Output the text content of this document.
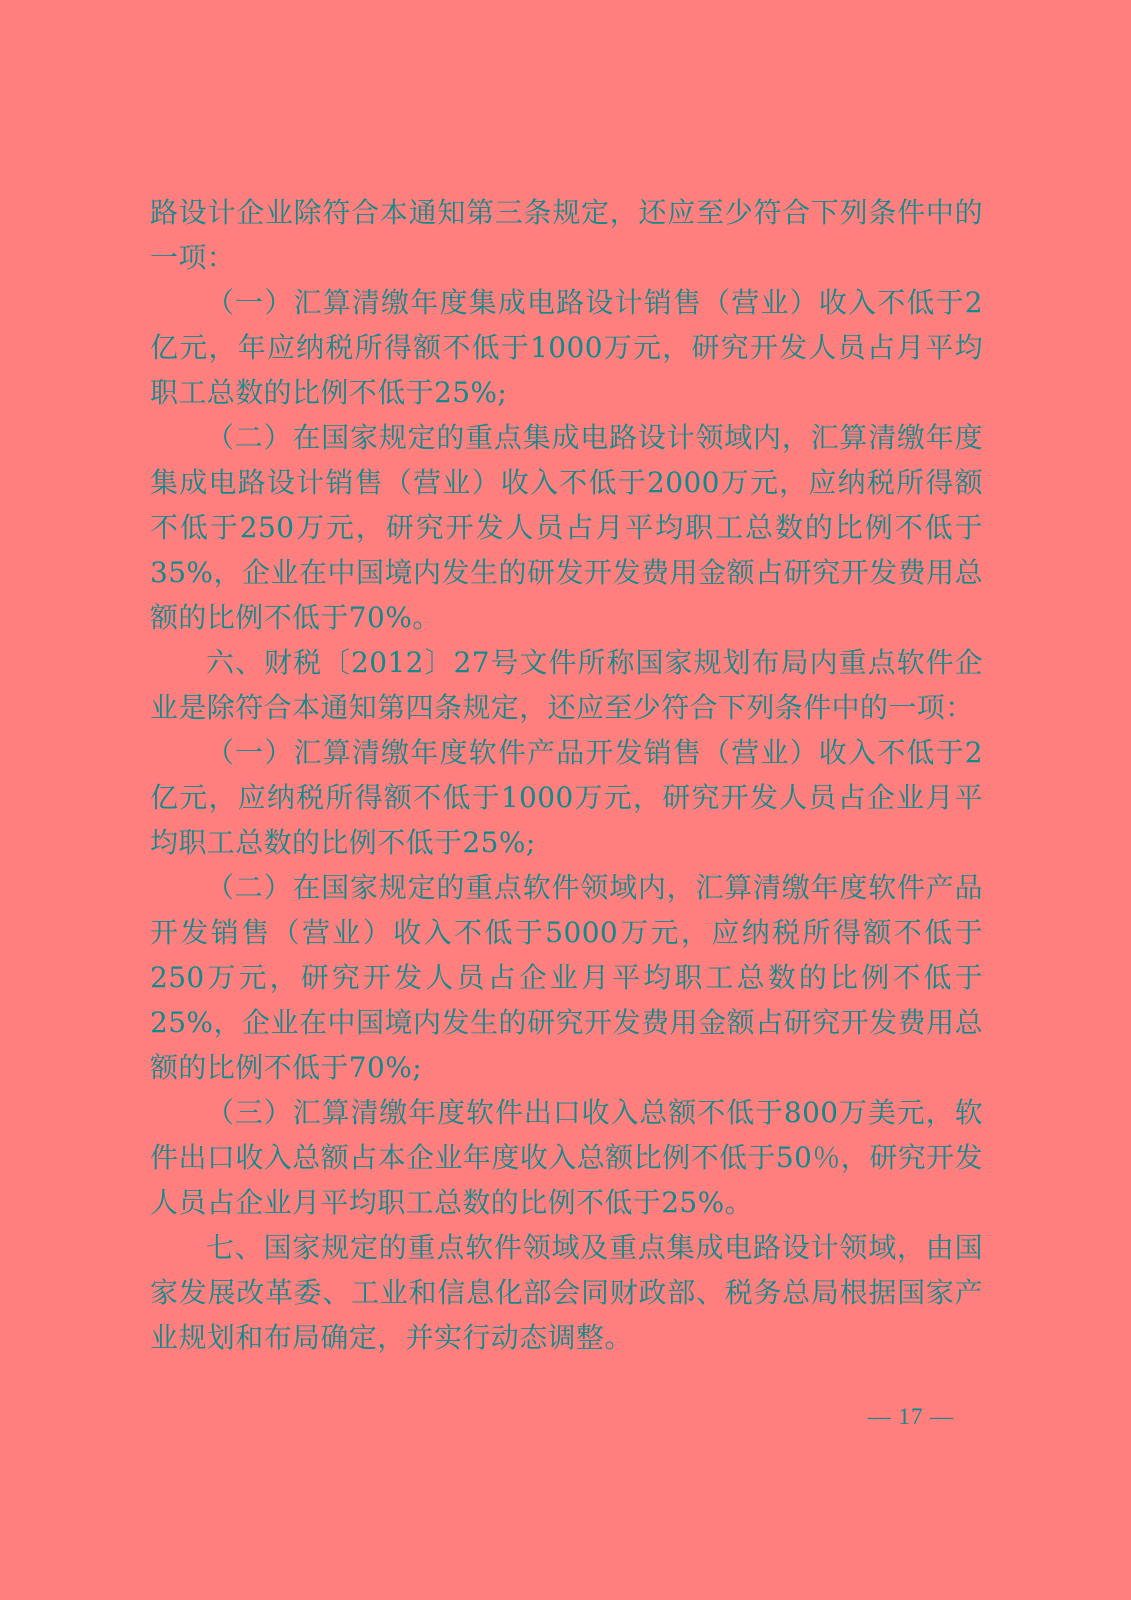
路设计企业除符合本通知第三条规定，还应至少符合下列条件中的一项：

（一）汇算清缴年度集成电路设计销售（营业）收入不低于2亿元，年应纳税所得额不低于1000万元，研究开发人员占月平均职工总数的比例不低于25%;

（二）在国家规定的重点集成电路设计领域内，汇算清缴年度集成电路设计销售（营业）收入不低于2000万元，应纳税所得额不低于250万元，研究开发人员占月平均职工总数的比例不低于35%，企业在中国境内发生的研发开发费用金额占研究开发费用总额的比例不低于70%。

六、财税〔2012〕27号文件所称国家规划布局内重点软件企业是除符合本通知第四条规定，还应至少符合下列条件中的一项：

（一）汇算清缴年度软件产品开发销售（营业）收入不低于2亿元，应纳税所得额不低于1000万元，研究开发人员占企业月平均职工总数的比例不低于25%;

（二）在国家规定的重点软件领域内，汇算清缴年度软件产品开发销售（营业）收入不低于5000万元，应纳税所得额不低于250万元，研究开发人员占企业月平均职工总数的比例不低于25%，企业在中国境内发生的研究开发费用金额占研究开发费用总额的比例不低于70%;

（三）汇算清缴年度软件出口收入总额不低于800万美元，软件出口收入总额占本企业年度收入总额比例不低于50％，研究开发人员占企业月平均职工总数的比例不低于25%。

七、国家规定的重点软件领域及重点集成电路设计领域，由国家发展改革委、工业和信息化部会同财政部、税务总局根据国家产业规划和布局确定，并实行动态调整。

— 17 —
